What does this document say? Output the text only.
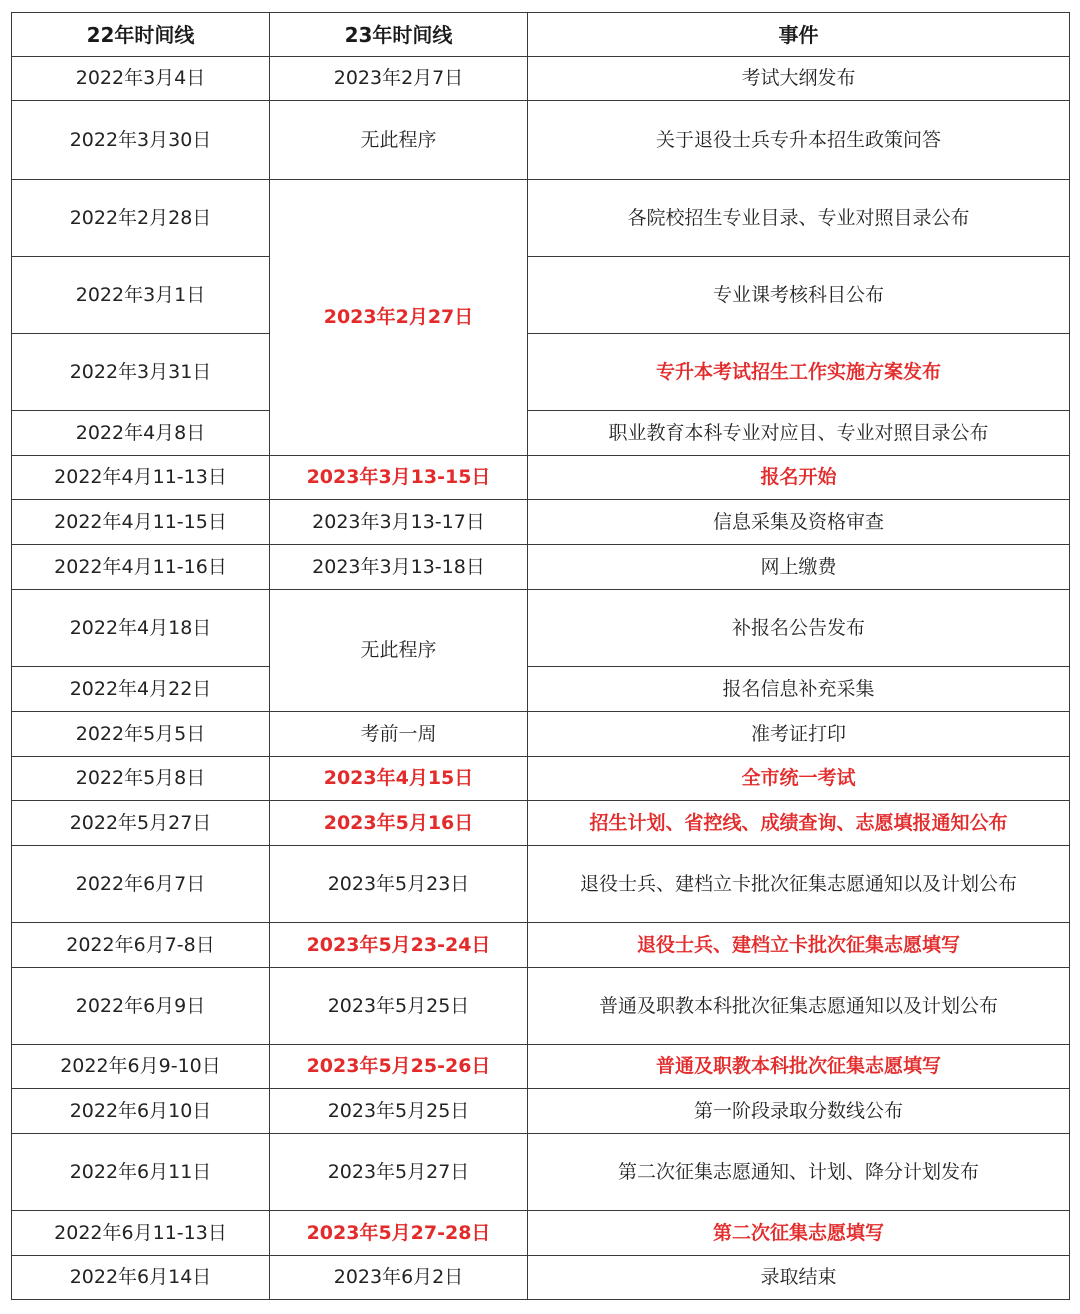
22年时间线	23年时间线	事件
2022年3月4日	2023年2月7日	考试大纲发布
2022年3月30日	无此程序	关于退役士兵专升本招生政策问答
2022年2月28日	2023年2月27日	各院校招生专业目录、专业对照目录公布
2022年3月1日		专业课考核科目公布
2022年3月31日		专升本考试招生工作实施方案发布
2022年4月8日		职业教育本科专业对应目、专业对照目录公布
2022年4月11-13日	2023年3月13-15日	报名开始
2022年4月11-15日	2023年3月13-17日	信息采集及资格审查
2022年4月11-16日	2023年3月13-18日	网上缴费
2022年4月18日	无此程序	补报名公告发布
2022年4月22日		报名信息补充采集
2022年5月5日	考前一周	准考证打印
2022年5月8日	2023年4月15日	全市统一考试
2022年5月27日	2023年5月16日	招生计划、省控线、成绩查询、志愿填报通知公布
2022年6月7日	2023年5月23日	退役士兵、建档立卡批次征集志愿通知以及计划公布
2022年6月7-8日	2023年5月23-24日	退役士兵、建档立卡批次征集志愿填写
2022年6月9日	2023年5月25日	普通及职教本科批次征集志愿通知以及计划公布
2022年6月9-10日	2023年5月25-26日	普通及职教本科批次征集志愿填写
2022年6月10日	2023年5月25日	第一阶段录取分数线公布
2022年6月11日	2023年5月27日	第二次征集志愿通知、计划、降分计划发布
2022年6月11-13日	2023年5月27-28日	第二次征集志愿填写
2022年6月14日	2023年6月2日	录取结束
